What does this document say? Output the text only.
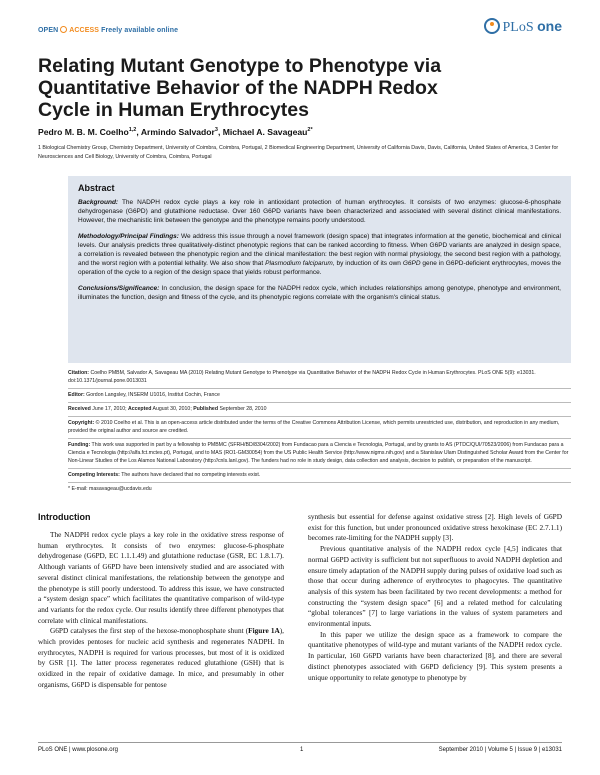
OPEN ACCESS Freely available online	PLoS one
Relating Mutant Genotype to Phenotype via Quantitative Behavior of the NADPH Redox Cycle in Human Erythrocytes
Pedro M. B. M. Coelho$^{1,2}$, Armindo Salvador$^3$, Michael A. Savageau$^{2*}$
1 Biological Chemistry Group, Chemistry Department, University of Coimbra, Coimbra, Portugal, 2 Biomedical Engineering Department, University of California Davis, Davis, California, United States of America, 3 Center for Neurosciences and Cell Biology, University of Coimbra, Coimbra, Portugal
Abstract

Background: The NADPH redox cycle plays a key role in antioxidant protection of human erythrocytes. It consists of two enzymes: glucose-6-phosphate dehydrogenase (G6PD) and glutathione reductase. Over 160 G6PD variants have been characterized and associated with several distinct clinical manifestations. However, the mechanistic link between the genotype and the phenotype remains poorly understood.

Methodology/Principal Findings: We address this issue through a novel framework (design space) that integrates information at the genetic, biochemical and clinical levels. Our analysis predicts three qualitatively-distinct phenotypic regions that can be ranked according to fitness. When G6PD variants are analyzed in design space, a correlation is revealed between the phenotypic region and the clinical manifestation: the best region with normal physiology, the second best region with a pathology, and the worst region with a potential lethality. We also show that Plasmodium falciparum, by induction of its own G6PD gene in G6PD-deficient erythrocytes, moves the operation of the cycle to a region of the design space that yields robust performance.

Conclusions/Significance: In conclusion, the design space for the NADPH redox cycle, which includes relationships among genotype, phenotype and environment, illuminates the function, design and fitness of the cycle, and its phenotypic regions correlate with the organism's clinical status.

Citation: Coelho PMBM, Salvador A, Savageau MA (2010) Relating Mutant Genotype to Phenotype via Quantitative Behavior of the NADPH Redox Cycle in Human Erythrocytes. PLoS ONE 5(9): e13031. doi:10.1371/journal.pone.0013031

Editor: Gordon Langsley, INSERM U1016, Institut Cochin, France

Received June 17, 2010; Accepted August 30, 2010; Published September 28, 2010

Copyright: © 2010 Coelho et al. This is an open-access article distributed under the terms of the Creative Commons Attribution License, which permits unrestricted use, distribution, and reproduction in any medium, provided the original author and source are credited.

Funding: This work was supported in part by a fellowship to PMBMC (SFRH/BD/8304/2002) from Fundacao para a Ciencia e Tecnologia, Portugal, and by grants to AS (PTDC/QUI/70523/2006) from Fundacao para a Ciencia e Tecnologia (http://alfa.fct.mctes.pt), Portugal, and to MAS (RO1-GM30054) from the US Public Health Service (http://www.nigms.nih.gov) and a Stanislaw Ulam Distinguished Scholar Award from the Center for Non-Linear Studies of the Los Alamos National Laboratory (http://cnls.lanl.gov). The funders had no role in study design, data collection and analysis, decision to publish, or preparation of the manuscript.

Competing Interests: The authors have declared that no competing interests exist.

* E-mail: masavageau@ucdavis.edu

Introduction

The NADPH redox cycle plays a key role in the oxidative stress response of human erythrocytes. It consists of two enzymes: glucose-6-phosphate dehydrogenase (G6PD, EC 1.1.1.49) and glutathione reductase (GSR, EC 1.8.1.7). Although variants of G6PD have been intensively studied and are associated with several distinct clinical manifestations, the relationship between the genotype and the phenotype is still poorly understood. To address this issue, we have constructed a “system design space” which facilitates the quantitative comparison of wild-type and variants for the redox cycle. Our results identify three different phenotypes that correlate with clinical manifestations.

G6PD catalyses the first step of the hexose-monophosphate shunt (Figure 1A), which provides pentoses for nucleic acid synthesis and regenerates NADPH. In erythrocytes, NADPH is required for various processes, but most of it is oxidized by GSR [1]. The latter process regenerates reduced glutathione (GSH) that is oxidized in the repair of oxidative damage. In mice, and presumably in other organisms, G6PD is dispensable for pentose

synthesis but essential for defense against oxidative stress [2]. High levels of G6PD exist for this function, but under pronounced oxidative stress hexokinase (EC 2.7.1.1) becomes rate-limiting for the NADPH supply [3].

Previous quantitative analysis of the NADPH redox cycle [4,5] indicates that normal G6PD activity is sufficient but not superfluous to avoid NADPH depletion and ensure timely adaptation of the NADPH supply during pulses of oxidative load such as those that occur during adherence of erythrocytes to phagocytes. The quantitative analysis of this system has been facilitated by two recent developments: a method for constructing the “system design space” [6] and a related method for calculating “global tolerances” [7] to large variations in the values of system parameters and environmental inputs.

In this paper we utilize the design space as a framework to compare the quantitative phenotypes of wild-type and mutant variants of the NADPH redox cycle. In particular, 160 G6PD variants have been characterized [8], and there are several distinct phenotypes associated with G6PD deficiency [9]. This system presents a unique opportunity to relate genotype to phenotype by

PLoS ONE | www.plosone.org	1	September 2010 | Volume 5 | Issue 9 | e13031
